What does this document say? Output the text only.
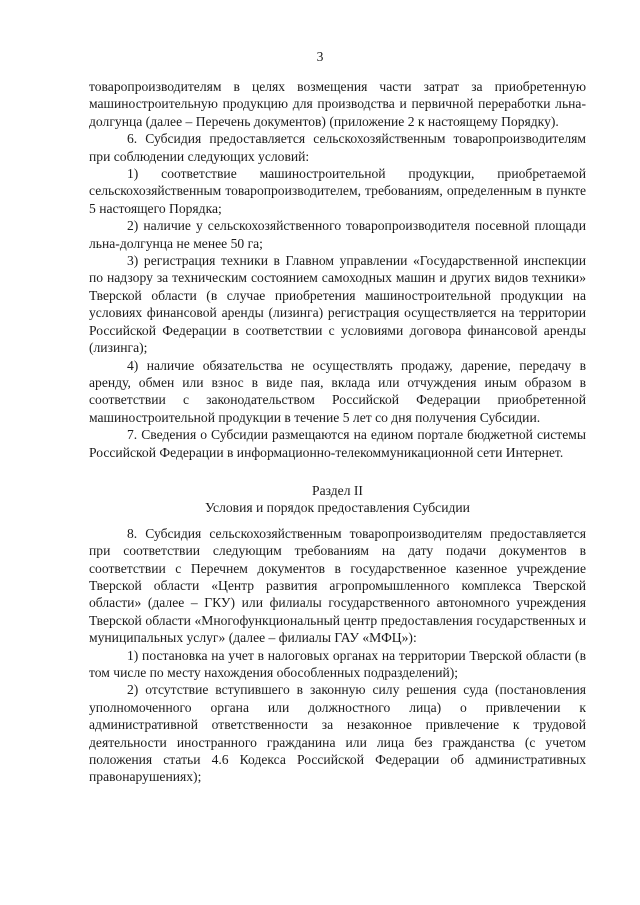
3

товаропроизводителям в целях возмещения части затрат за приобретенную машиностроительную продукцию для производства и первичной переработки льна-долгунца (далее – Перечень документов) (приложение 2 к настоящему Порядку).

6. Субсидия предоставляется сельскохозяйственным товаропроизводителям при соблюдении следующих условий:

1) соответствие машиностроительной продукции, приобретаемой сельскохозяйственным товаропроизводителем, требованиям, определенным в пункте 5 настоящего Порядка;

2) наличие у сельскохозяйственного товаропроизводителя посевной площади льна-долгунца не менее 50 га;

3) регистрация техники в Главном управлении «Государственной инспекции по надзору за техническим состоянием самоходных машин и других видов техники» Тверской области (в случае приобретения машиностроительной продукции на условиях финансовой аренды (лизинга) регистрация осуществляется на территории Российской Федерации в соответствии с условиями договора финансовой аренды (лизинга);

4) наличие обязательства не осуществлять продажу, дарение, передачу в аренду, обмен или взнос в виде пая, вклада или отчуждения иным образом в соответствии с законодательством Российской Федерации приобретенной машиностроительной продукции в течение 5 лет со дня получения Субсидии.

7. Сведения о Субсидии размещаются на едином портале бюджетной системы Российской Федерации в информационно-телекоммуникационной сети Интернет.

Раздел II

Условия и порядок предоставления Субсидии

8. Субсидия сельскохозяйственным товаропроизводителям предоставляется при соответствии следующим требованиям на дату подачи документов в соответствии с Перечнем документов в государственное казенное учреждение Тверской области «Центр развития агропромышленного комплекса Тверской области» (далее – ГКУ) или филиалы государственного автономного учреждения Тверской области «Многофункциональный центр предоставления государственных и муниципальных услуг» (далее – филиалы ГАУ «МФЦ»):

1) постановка на учет в налоговых органах на территории Тверской области (в том числе по месту нахождения обособленных подразделений);

2) отсутствие вступившего в законную силу решения суда (постановления уполномоченного органа или должностного лица) о привлечении к административной ответственности за незаконное привлечение к трудовой деятельности иностранного гражданина или лица без гражданства (с учетом положения статьи 4.6 Кодекса Российской Федерации об административных правонарушениях);
